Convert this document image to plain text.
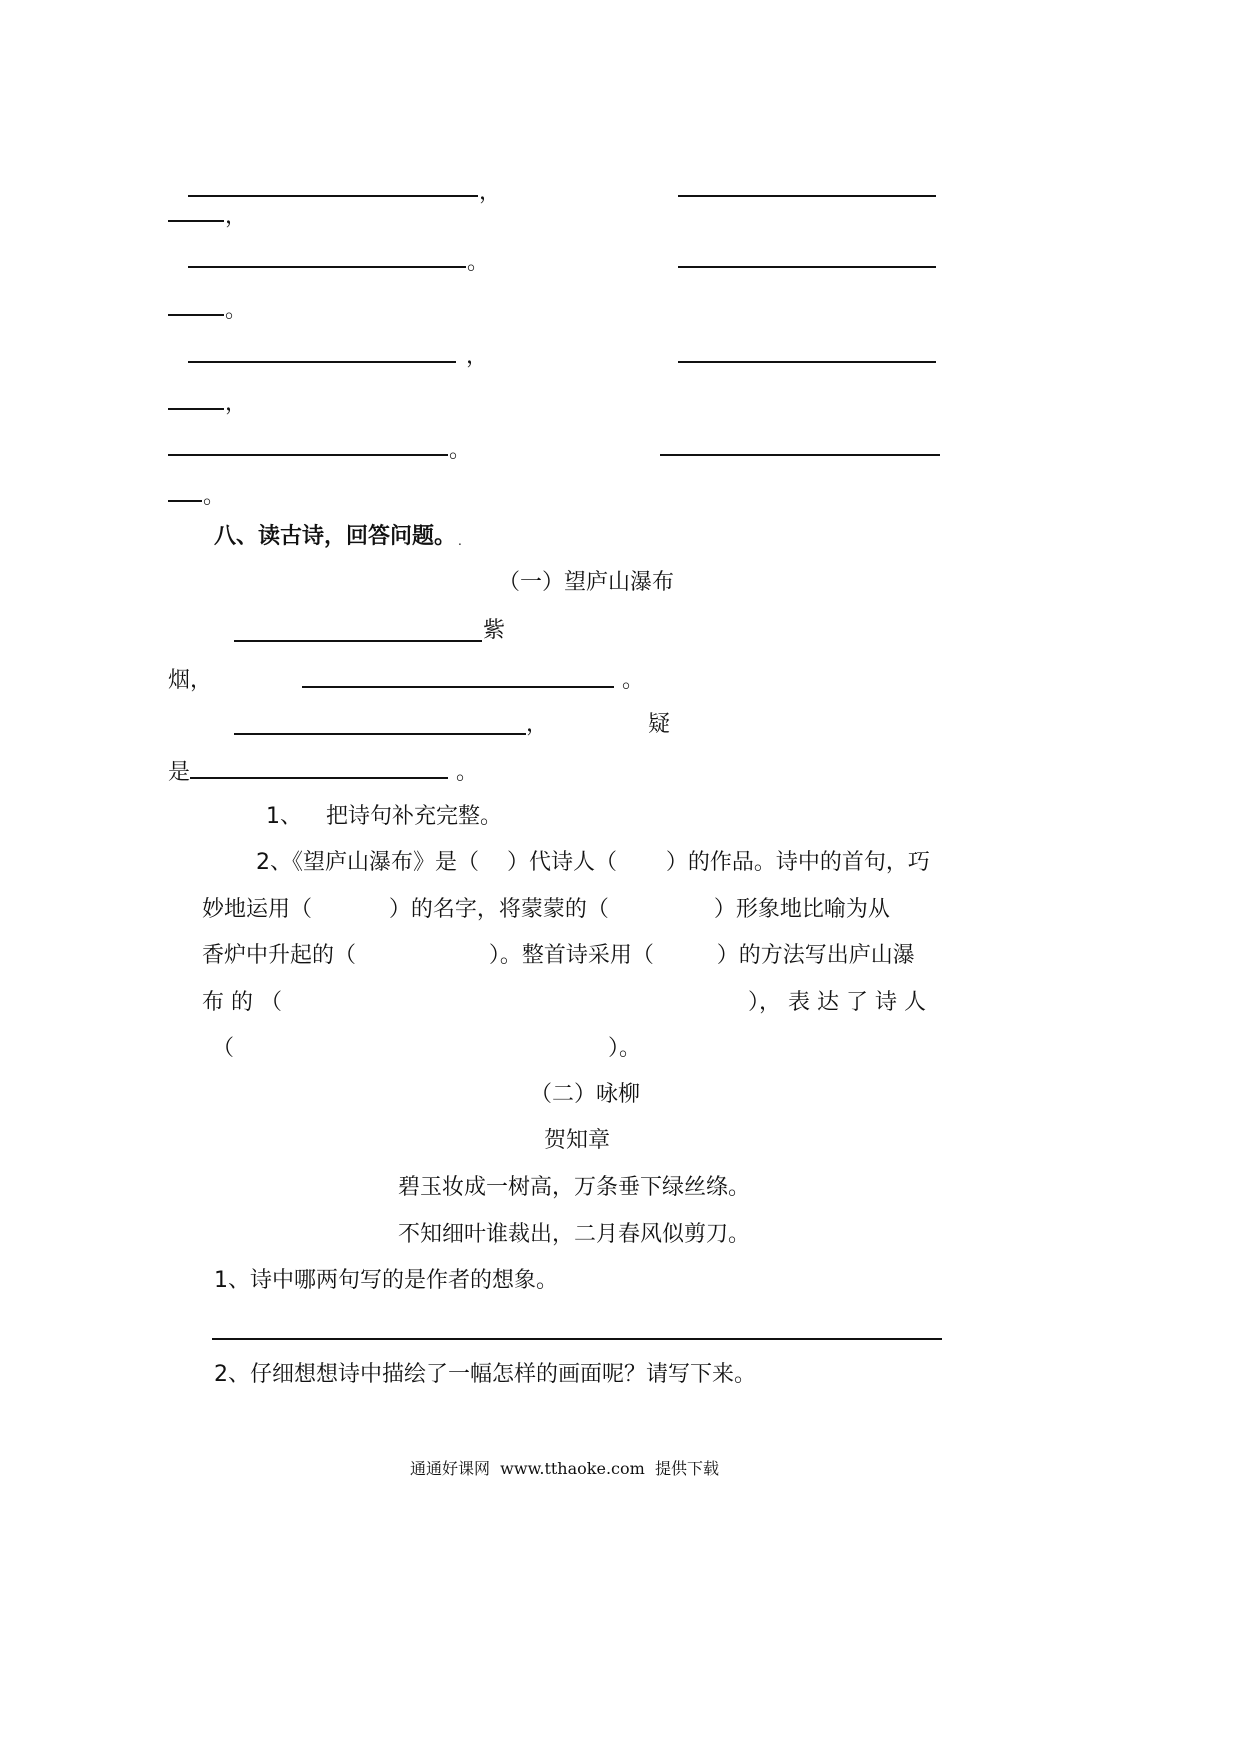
，
，
。
。
，
，
。
。
八、读古诗，回答问题。 .
（一）望庐山瀑布
紫
烟，	。
，	疑
是	。
1、 把诗句补充完整。
2、《望庐山瀑布》是（    ）代诗人（       ）的作品。诗中的首句，巧
妙地运用（           ）的名字，将蒙蒙的（               ）形象地比喻为从
香炉中升起的（                   ）。整首诗采用（         ）的方法写出庐山瀑
布 的 （	）， 表 达 了 诗 人
（	）。
（二）咏柳
贺知章
碧玉妆成一树高，万条垂下绿丝绦。
不知细叶谁裁出，二月春风似剪刀。
1、诗中哪两句写的是作者的想象。
2、仔细想想诗中描绘了一幅怎样的画面呢？请写下来。
通通好课网  www.tthaoke.com  提供下载
